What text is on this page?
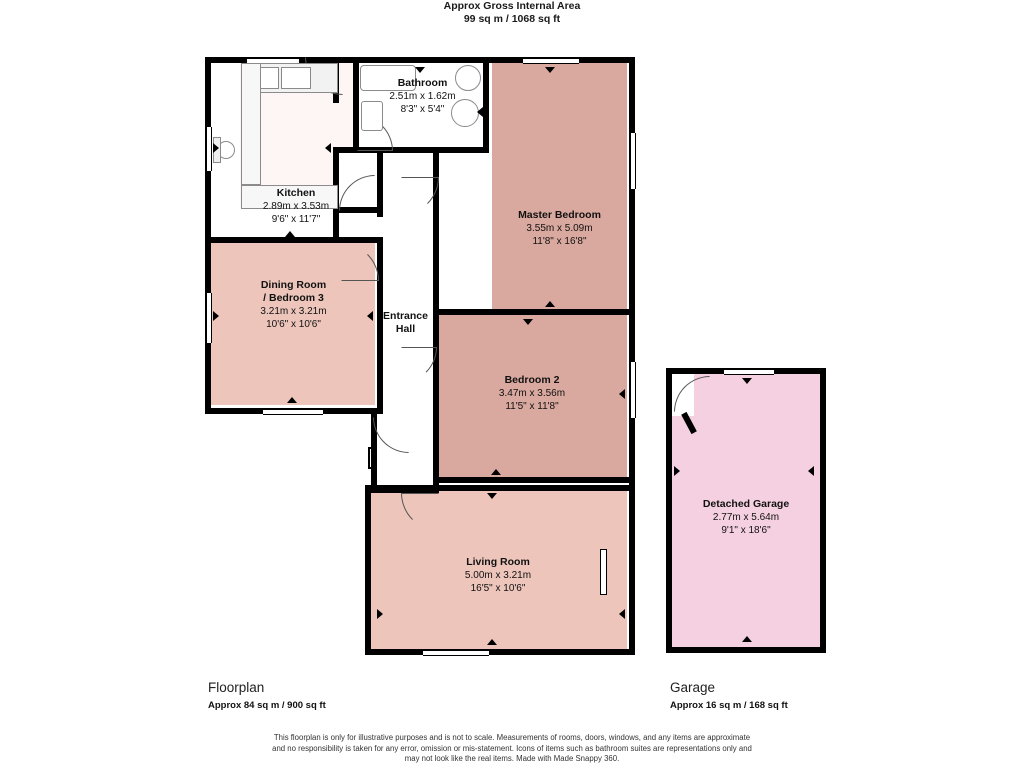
Approx Gross Internal Area
99 sq m / 1068 sq ft
Kitchen
2.89m x 3.53m
9'6" x 11'7"
Bathroom
2.51m x 1.62m
8'3" x 5'4"
Master Bedroom
3.55m x 5.09m
11'8" x 16'8"
Dining Room
/ Bedroom 3
3.21m x 3.21m
10'6" x 10'6"
Entrance
Hall
Bedroom 2
3.47m x 3.56m
11'5" x 11'8"
Living Room
5.00m x 3.21m
16'5" x 10'6"
Detached Garage
2.77m x 5.64m
9'1" x 18'6"
Floorplan
Approx 84 sq m / 900 sq ft
Garage
Approx 16 sq m / 168 sq ft
This floorplan is only for illustrative purposes and is not to scale. Measurements of rooms, doors, windows, and any items are approximate
and no responsibility is taken for any error, omission or mis-statement. Icons of items such as bathroom suites are representations only and
may not look like the real items. Made with Made Snappy 360.
